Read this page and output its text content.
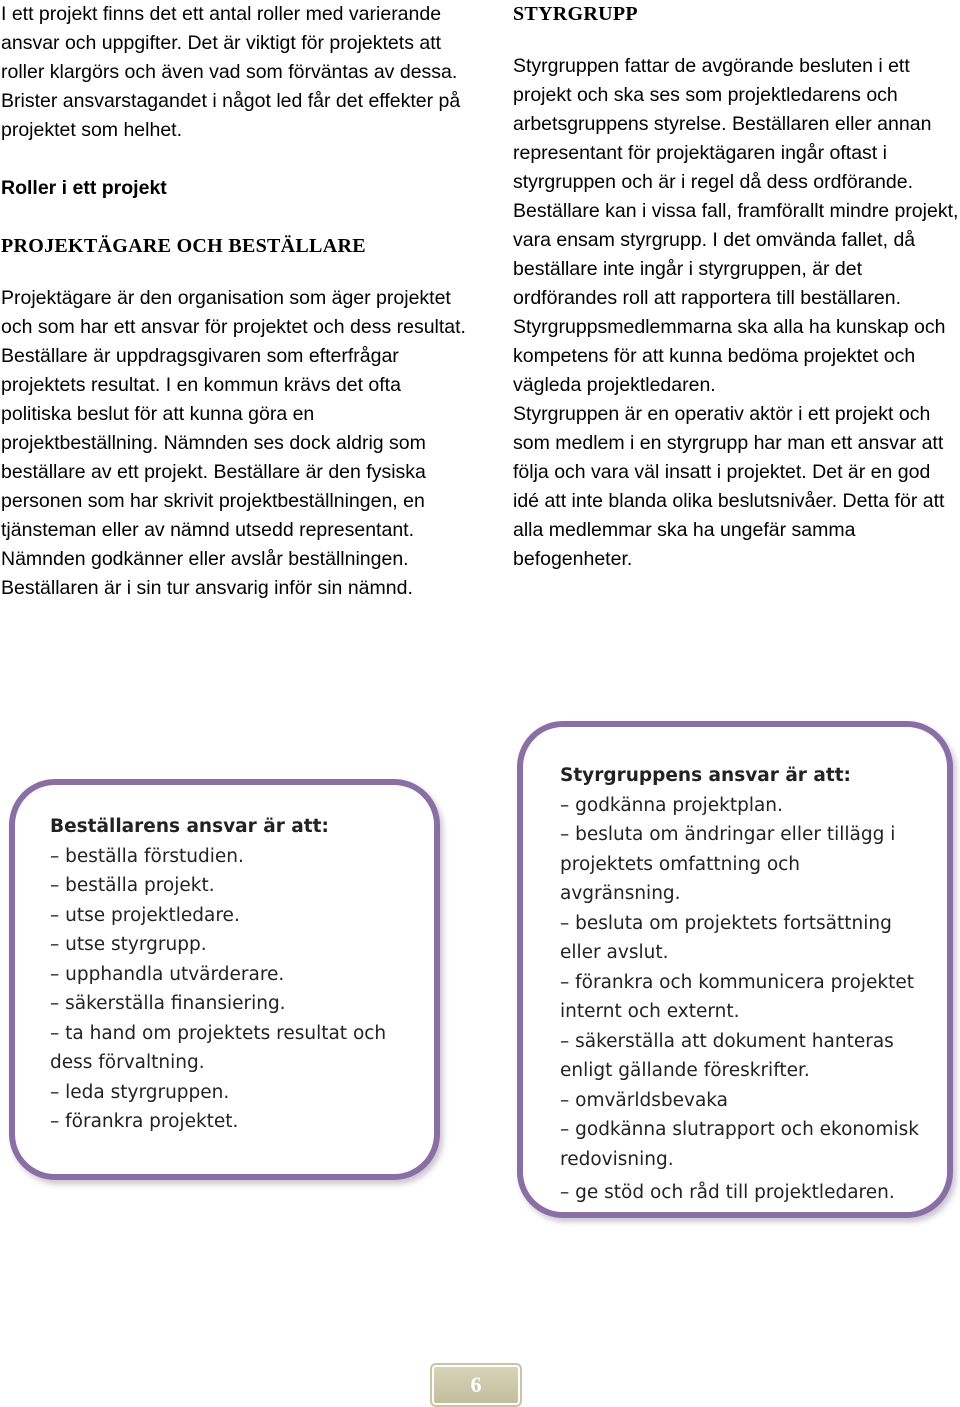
I ett projekt finns det ett antal roller med varierande ansvar och uppgifter. Det är viktigt för projektets att roller klargörs och även vad som förväntas av dessa. Brister ansvarstagandet i något led får det effekter på projektet som helhet.

Roller i ett projekt

PROJEKTÄGARE OCH BESTÄLLARE

Projektägare är den organisation som äger projektet och som har ett ansvar för projektet och dess resultat. Beställare är uppdragsgivaren som efterfrågar projektets resultat. I en kommun krävs det ofta politiska beslut för att kunna göra en projektbeställning. Nämnden ses dock aldrig som beställare av ett projekt. Beställare är den fysiska personen som har skrivit projektbeställningen, en tjänsteman eller av nämnd utsedd representant. Nämnden godkänner eller avslår beställningen. Beställaren är i sin tur ansvarig inför sin nämnd.

STYRGRUPP

Styrgruppen fattar de avgörande besluten i ett projekt och ska ses som projektledarens och arbetsgruppens styrelse. Beställaren eller annan representant för projektägaren ingår oftast i styrgruppen och är i regel då dess ordförande. Beställare kan i vissa fall, framförallt mindre projekt, vara ensam styrgrupp. I det omvända fallet, då beställare inte ingår i styrgruppen, är det ordförandes roll att rapportera till beställaren.

Styrgruppsmedlemmarna ska alla ha kunskap och kompetens för att kunna bedöma projektet och vägleda projektledaren.

Styrgruppen är en operativ aktör i ett projekt och som medlem i en styrgrupp har man ett ansvar att följa och vara väl insatt i projektet. Det är en god idé att inte blanda olika beslutsnivåer. Detta för att alla medlemmar ska ha ungefär samma befogenheter.

Beställarens ansvar är att:

– beställa förstudien.
– beställa projekt.
– utse projektledare.
– utse styrgrupp.
– upphandla utvärderare.
– säkerställa finansiering.
– ta hand om projektets resultat och dess förvaltning.
– leda styrgruppen.
– förankra projektet.

Styrgruppens ansvar är att:

– godkänna projektplan.
– besluta om ändringar eller tillägg i projektets omfattning och avgränsning.
– besluta om projektets fortsättning eller avslut.
– förankra och kommunicera projektet internt och externt.
– säkerställa att dokument hanteras enligt gällande föreskrifter.
– omvärldsbevaka
– godkänna slutrapport och ekonomisk redovisning.
– ge stöd och råd till projektledaren.
6
